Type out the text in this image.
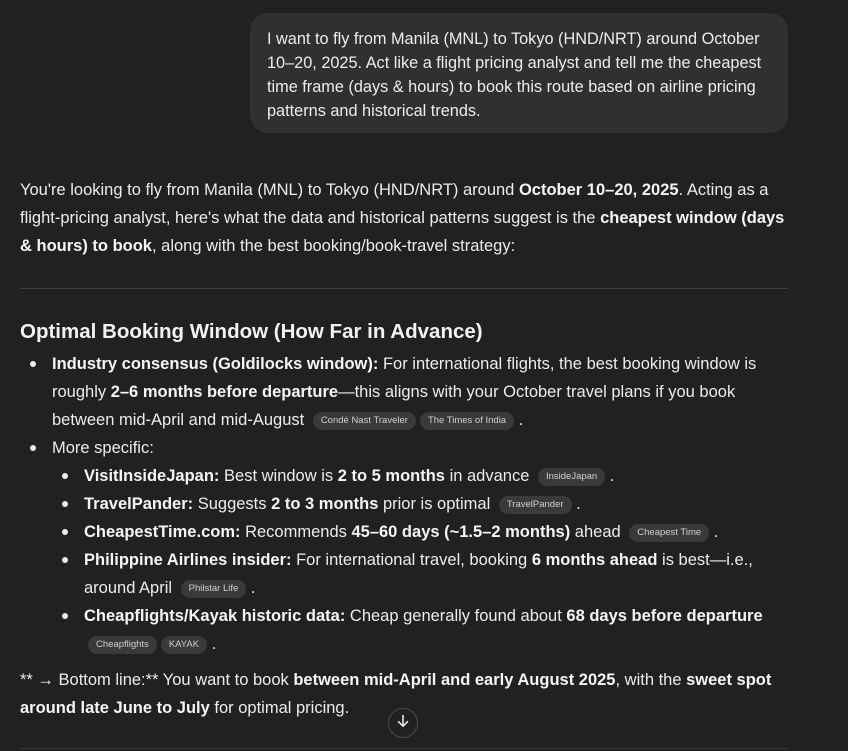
I want to fly from Manila (MNL) to Tokyo (HND/NRT) around October 10–20, 2025. Act like a flight pricing analyst and tell me the cheapest time frame (days & hours) to book this route based on airline pricing patterns and historical trends.

You're looking to fly from Manila (MNL) to Tokyo (HND/NRT) around October 10–20, 2025. Acting as a flight-pricing analyst, here's what the data and historical patterns suggest is the cheapest window (days & hours) to book, along with the best booking/book-travel strategy:

Optimal Booking Window (How Far in Advance)
Industry consensus (Goldilocks window): For international flights, the best booking window is roughly 2–6 months before departure—this aligns with your October travel plans if you book between mid-April and mid-August Condé Nast Traveler The Times of India .
More specific:
VisitInsideJapan: Best window is 2 to 5 months in advance InsideJapan .
TravelPander: Suggests 2 to 3 months prior is optimal TravelPander .
CheapestTime.com: Recommends 45–60 days (~1.5–2 months) ahead Cheapest Time .
Philippine Airlines insider: For international travel, booking 6 months ahead is best—i.e., around April Philstar Life .
Cheapflights/Kayak historic data: Cheap generally found about 68 days before departure
Cheapflights KAYAK .
** → Bottom line:** You want to book between mid-April and early August 2025, with the sweet spot around late June to July for optimal pricing.
